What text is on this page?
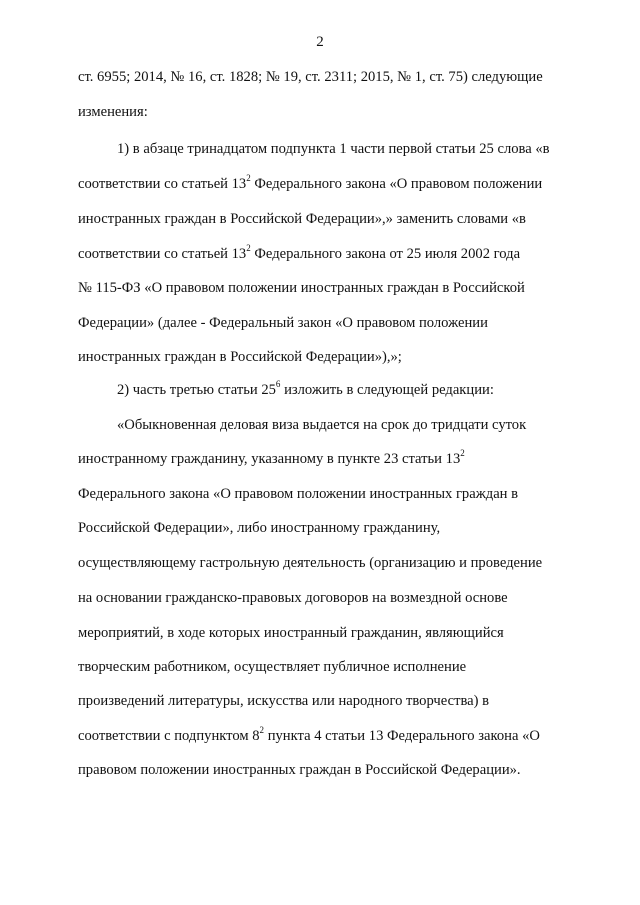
2
ст. 6955; 2014, № 16, ст. 1828; № 19, ст. 2311; 2015, № 1, ст. 75) следующие
изменения:
1) в абзаце тринадцатом подпункта 1 части первой статьи 25 слова «в
соответствии со статьей $13^2$ Федерального закона «О правовом положении
иностранных граждан в Российской Федерации»,» заменить словами «в
соответствии со статьей $13^2$ Федерального закона от 25 июля 2002 года
№ 115-ФЗ «О правовом положении иностранных граждан в Российской
Федерации» (далее - Федеральный закон «О правовом положении
иностранных граждан в Российской Федерации»),»;
2) часть третью статьи $25^6$ изложить в следующей редакции:
«Обыкновенная деловая виза выдается на срок до тридцати суток
иностранному гражданину, указанному в пункте 23 статьи $13^2$
Федерального закона «О правовом положении иностранных граждан в
Российской Федерации», либо иностранному гражданину,
осуществляющему гастрольную деятельность (организацию и проведение
на основании гражданско-правовых договоров на возмездной основе
мероприятий, в ходе которых иностранный гражданин, являющийся
творческим работником, осуществляет публичное исполнение
произведений литературы, искусства или народного творчества) в
соответствии с подпунктом $8^2$ пункта 4 статьи 13 Федерального закона «О
правовом положении иностранных граждан в Российской Федерации».
